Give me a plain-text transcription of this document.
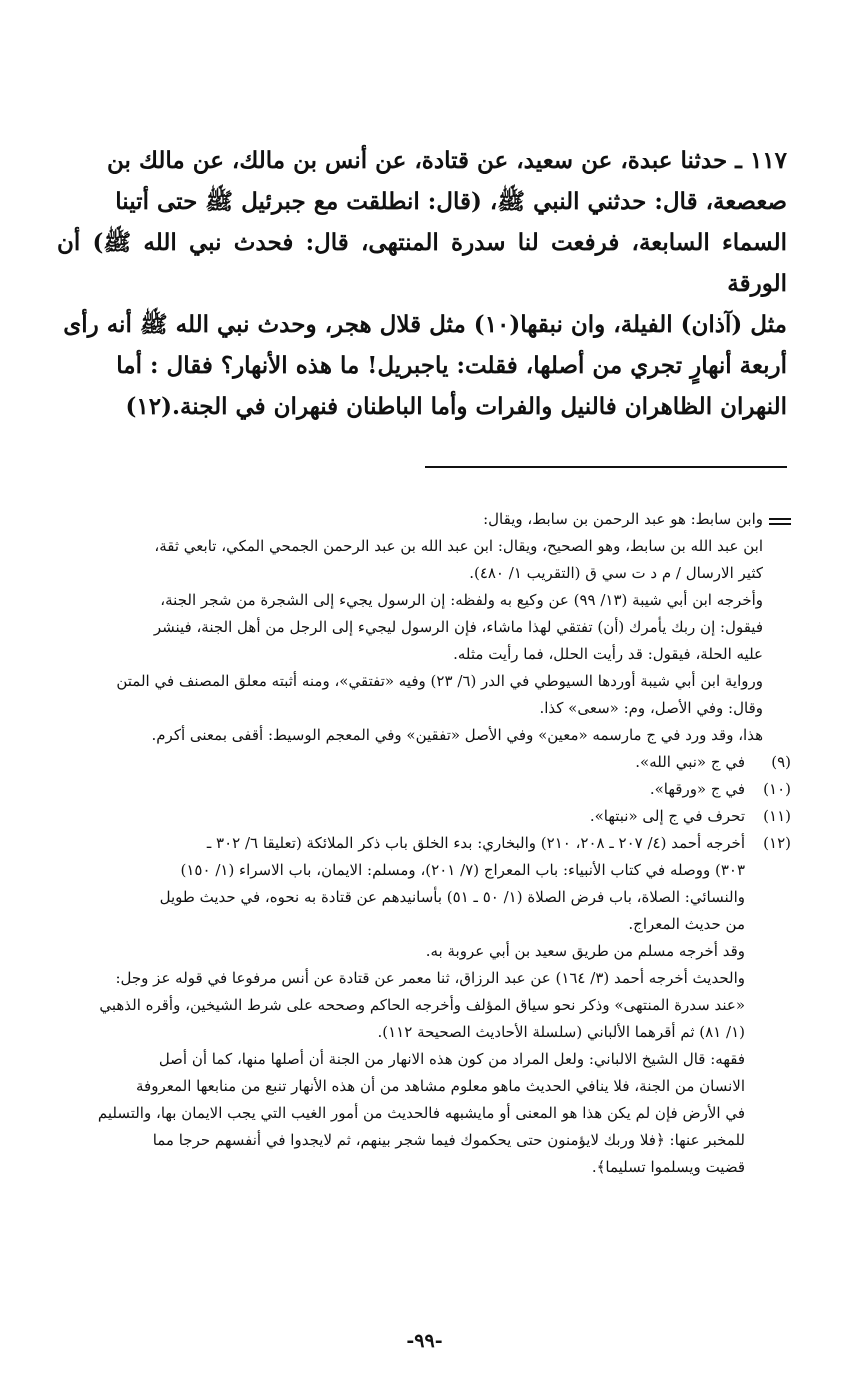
١١٧ ـ حدثنا عبدة، عن سعيد، عن قتادة، عن أنس بن مالك، عن مالك بن

صعصعة، قال: حدثني النبي ﷺ، (قال: انطلقت مع جبرئيل ﷺ حتى أتينا

السماء السابعة، فرفعت لنا سدرة المنتهى، قال: فحدث نبي الله ﷺ) أن الورقة

مثل (آذان) الفيلة، وان نبقها(١٠) مثل قلال هجر، وحدث نبي الله ﷺ أنه رأى

أربعة أنهارٍ تجري من أصلها، فقلت: ياجبريل! ما هذه الأنهار؟ فقال : أما

النهران الظاهران فالنيل والفرات وأما الباطنان فنهران في الجنة.(١٢)

وابن سابط: هو عبد الرحمن بن سابط، ويقال:

ابن عبد الله بن سابط، وهو الصحيح، ويقال: ابن عبد الله بن عبد الرحمن الجمحي المكي، تابعي ثقة،

كثير الارسال / م د ت سي ق (التقريب ١/ ٤٨٠).

وأخرجه ابن أبي شيبة (١٣/ ٩٩) عن وكيع به ولفظه: إن الرسول يجيء إلى الشجرة من شجر الجنة،

فيقول: إن ربك يأمرك (أن) تفتقي لهذا ماشاء، فإن الرسول ليجيء إلى الرجل من أهل الجنة، فينشر

عليه الحلة، فيقول: قد رأيت الحلل، فما رأيت مثله.

ورواية ابن أبي شيبة أوردها السيوطي في الدر (٦/ ٢٣) وفيه «تفتقي»، ومنه أثبته معلق المصنف في المتن

وقال: وفي الأصل، وم: «سعى» كذا.

هذا، وقد ورد في ج مارسمه «معين» وفي الأصل «تفقين» وفي المعجم الوسيط: أقفى بمعنى أكرم.

(٩)

في ج «نبي الله».

(١٠)

في ج «ورقها».

(١١)

تحرف في ج إلى «نبتها».

(١٢)

أخرجه أحمد (٤/ ٢٠٧ ـ ٢٠٨، ٢١٠) والبخاري: بدء الخلق باب ذكر الملائكة (تعليقا ٦/ ٣٠٢ ـ

٣٠٣) ووصله في كتاب الأنبياء: باب المعراج (٧/ ٢٠١)، ومسلم: الايمان، باب الاسراء (١/ ١٥٠)

والنسائي: الصلاة، باب فرض الصلاة (١/ ٥٠ ـ ٥١) بأسانيدهم عن قتادة به نحوه، في حديث طويل

من حديث المعراج.

وقد أخرجه مسلم من طريق سعيد بن أبي عروبة به.

والحديث أخرجه أحمد (٣/ ١٦٤) عن عبد الرزاق، ثنا معمر عن قتادة عن أنس مرفوعا في قوله عز وجل:

«عند سدرة المنتهى» وذكر نحو سياق المؤلف وأخرجه الحاكم وصححه على شرط الشيخين، وأقره الذهبي

(١/ ٨١) ثم أقرهما الألباني (سلسلة الأحاديث الصحيحة ١١٢).

فقهه: قال الشيخ الالباني: ولعل المراد من كون هذه الانهار من الجنة أن أصلها منها، كما أن أصل

الانسان من الجنة، فلا ينافي الحديث ماهو معلوم مشاهد من أن هذه الأنهار تنبع من منابعها المعروفة

في الأرض فإن لم يكن هذا هو المعنى أو مايشبهه فالحديث من أمور الغيب التي يجب الايمان بها، والتسليم

للمخبر عنها: ﴿فلا وربك لايؤمنون حتى يحكموك فيما شجر بينهم، ثم لايجدوا في أنفسهم حرجا مما

قضيت ويسلموا تسليما﴾.

-٩٩-
